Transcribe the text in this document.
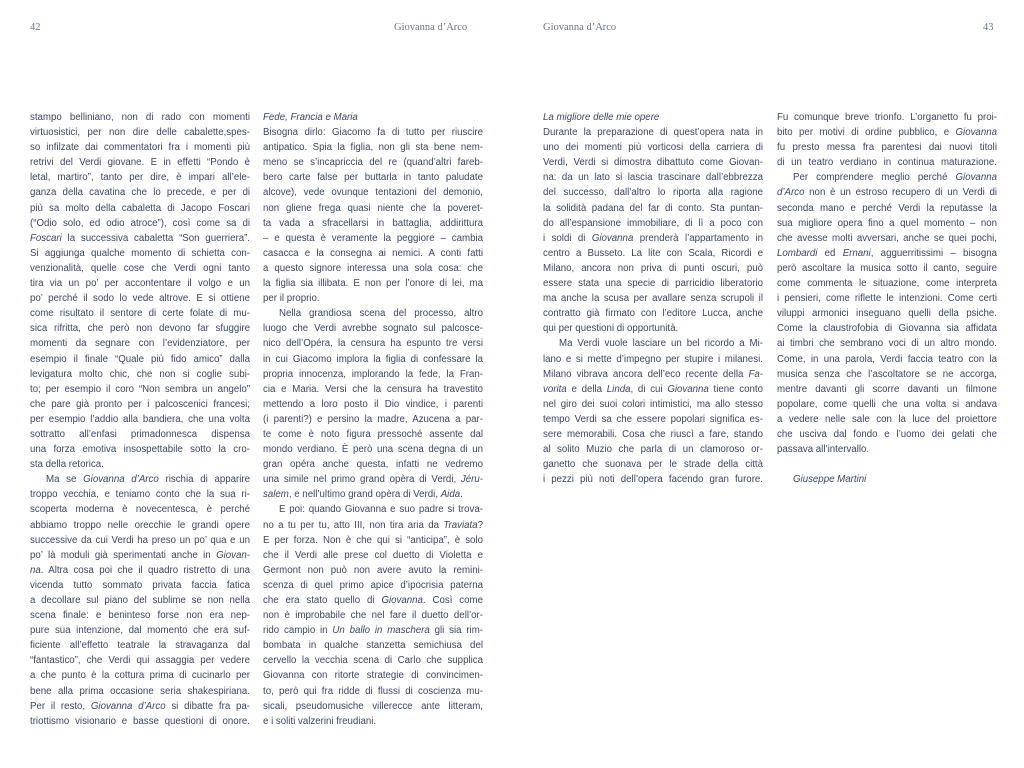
42	Giovanna d’Arco	Giovanna d’Arco	43
stampo belliniano, non di rado con momenti
virtuosistici, per non dire delle cabalette,spes-
so infilzate dai commentatori fra i momenti più
retrivi del Verdi giovane. E in effetti “Pondo è
letal, martiro”, tanto per dire, è impari all’ele-
ganza della cavatina che lo precede, e per di
più sa molto della cabaletta di Jacopo Foscari
(“Odio solo, ed odio atroce”), così come sa di
Foscari la successiva cabaletta “Son guerriera”.
Si aggiunga qualche momento di schietta con-
venzionalità, quelle cose che Verdi ogni tanto
tira via un po’ per accontentare il volgo e un
po’ perché il sodo lo vede altrove. E si ottiene
come risultato il sentore di certe folate di mu-
sica rifritta, che però non devono far sfuggire
momenti da segnare con l’evidenziatore, per
esempio il finale “Quale più fido amico” dalla
levigatura molto chic, che non si coglie subi-
to; per esempio il coro “Non sembra un angelo”
che pare già pronto per i palcoscenici francesi;
per esempio l’addio alla bandiera, che una volta
sottratto all’enfasi primadonnesca dispensa
una forza emotiva insospettabile sotto la cro-
sta della retorica.
Ma se Giovanna d’Arco rischia di apparire
troppo vecchia, e teniamo conto che la sua ri-
scoperta moderna è novecentesca, è perché
abbiamo troppo nelle orecchie le grandi opere
successive da cui Verdi ha preso un po’ qua e un
po’ là moduli già sperimentati anche in Giovan-
na. Altra cosa poi che il quadro ristretto di una
vicenda tutto sommato privata faccia fatica
a decollare sul piano del sublime se non nella
scena finale: e beninteso forse non era nep-
pure sua intenzione, dal momento che era suf-
ficiente all’effetto teatrale la stravaganza dal
“fantastico”, che Verdi qui assaggia per vedere
a che punto è la cottura prima di cucinarlo per
bene alla prima occasione seria shakespiriana.
Per il resto, Giovanna d’Arco si dibatte fra pa-
triottismo visionario e basse questioni di onore.
Fede, Francia e Maria
Bisogna dirlo: Giacomo fa di tutto per riuscire
antipatico. Spia la figlia, non gli sta bene nem-
meno se s’incapriccia del re (quand’altri fareb-
bero carte false per buttarla in tanto paludate
alcove), vede ovunque tentazioni del demonio,
non gliene frega quasi niente che la poveret-
ta vada a sfracellarsi in battaglia, addirittura
– e questa è veramente la peggiore – cambia
casacca e la consegna ai nemici. A conti fatti
a questo signore interessa una sola cosa: che
la figlia sia illibata. E non per l’onore di lei, ma
per il proprio.
Nella grandiosa scena del processo, altro
luogo che Verdi avrebbe sognato sul palcosce-
nico dell’Opéra, la censura ha espunto tre versi
in cui Giacomo implora la figlia di confessare la
propria innocenza, implorando la fede, la Fran-
cia e Maria. Versi che la censura ha travestito
mettendo a loro posto il Dio vindice, i parenti
(i parenti?) e persino la madre, Azucena a par-
te come è noto figura pressoché assente dal
mondo verdiano. È però una scena degna di un
gran opéra anche questa, infatti ne vedremo
una simile nel primo grand opèra di Verdi, Jéru-
salem, e nell’ultimo grand opèra di Verdi, Aida.
E poi: quando Giovanna e suo padre si trova-
no a tu per tu, atto III, non tira aria da Traviata?
E per forza. Non è che qui si “anticipa”, è solo
che il Verdi alle prese col duetto di Violetta e
Germont non può non avere avuto la remini-
scenza di quel primo apice d’ipocrisia paterna
che era stato quello di Giovanna. Così come
non è improbabile che nel fare il duetto dell’or-
rido campio in Un ballo in maschera gli sia rim-
bombata in qualche stanzetta semichiusa del
cervello la vecchia scena di Carlo che supplica
Giovanna con ritorte strategie di convincimen-
to, però qui fra ridde di flussi di coscienza mu-
sicali, pseudomusiche villerecce ante litteram,
e i soliti valzerini freudiani.
La migliore delle mie opere
Durante la preparazione di quest’opera nata in
uno dei momenti più vorticosi della carriera di
Verdi, Verdi si dimostra dibattuto come Giovan-
na: da un lato si lascia trascinare dall’ebbrezza
del successo, dall’altro lo riporta alla ragione
la solidità padana del far di conto. Sta puntan-
do all’espansione immobiliare, di lì a poco con
i soldi di Giovanna prenderà l’appartamento in
centro a Busseto. La lite con Scala, Ricordi e
Milano, ancora non priva di punti oscuri, può
essere stata una specie di parricidio liberatorio
ma anche la scusa per avallare senza scrupoli il
contratto già firmato con l’editore Lucca, anche
qui per questioni di opportunità.
Ma Verdi vuole lasciare un bel ricordo a Mi-
lano e si mette d’impegno per stupire i milanesi.
Milano vibrava ancora dell’eco recente della Fa-
vorita e della Linda, di cui Giovanna tiene conto
nel giro dei suoi colori intimistici, ma allo stesso
tempo Verdi sa che essere popolari significa es-
sere memorabili. Cosa che riuscì a fare, stando
al solito Muzio che parla di un clamoroso or-
ganetto che suonava per le strade della città
i pezzi più noti dell’opera facendo gran furore.
Fu comunque breve trionfo. L’organetto fu proi-
bito per motivi di ordine pubblico, e Giovanna
fu presto messa fra parentesi dai nuovi titoli
di un teatro verdiano in continua maturazione.
Per comprendere meglio perché Giovanna
d’Arco non è un estroso recupero di un Verdi di
seconda mano e perché Verdi la reputasse la
sua migliore opera fino a quel momento – non
che avesse molti avversari, anche se quei pochi,
Lombardi ed Ernani, agguerritissimi – bisogna
però ascoltare la musica sotto il canto, seguire
come commenta le situazione, come interpreta
i pensieri, come riflette le intenzioni. Come certi
viluppi armonici inseguano quelli della psiche.
Come la claustrofobia di Giovanna sia affidata
ai timbri che sembrano voci di un altro mondo.
Come, in una parola, Verdi faccia teatro con la
musica senza che l’ascoltatore se ne accorga,
mentre davanti gli scorre davanti un filmone
popolare, come quelli che una volta si andava
a vedere nelle sale con la luce del proiettore
che usciva dal fondo e l’uomo dei gelati che
passava all’intervallo.
Giuseppe Martini
